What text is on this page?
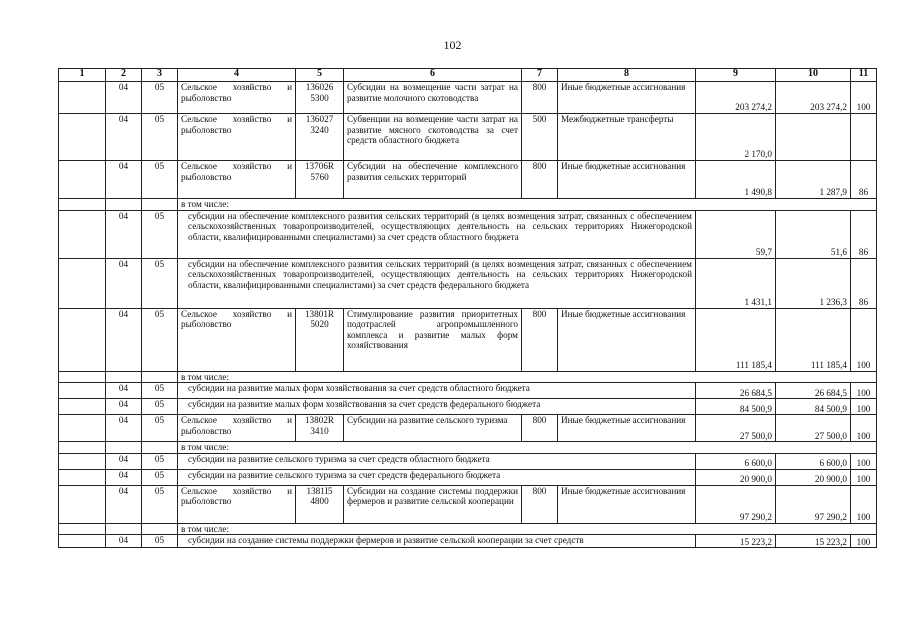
102
1	2	3	4	5	6	7	8	9	10	11
	04	05	Сельское хозяйство и рыболовство	136026 5300	Субсидии на возмещение части затрат на развитие молочного скотоводства	800	Иные бюджетные ассигнования	203 274,2	203 274,2	100
	04	05	Сельское хозяйство и рыболовство	136027 3240	Субвенции на возмещение части затрат на развитие мясного скотоводства за счет средств областного бюджета	500	Межбюджетные трансферты	2 170,0		
	04	05	Сельское хозяйство и рыболовство	13706R 5760	Субсидии на обеспечение комплексного развития сельских территорий	800	Иные бюджетные ассигнования	1 490,8	1 287,9	86
			в том числе:							
	04	05	субсидии на обеспечение комплексного развития сельских территорий (в целях возмещения затрат, связанных с обеспечением сельскохозяйственных товаропроизводителей, осуществляющих деятельность на сельских территориях Нижегородской области, квалифицированными специалистами) за счет средств областного бюджета					59,7	51,6	86
	04	05	субсидии на обеспечение комплексного развития сельских территорий (в целях возмещения затрат, связанных с обеспечением сельскохозяйственных товаропроизводителей, осуществляющих деятельность на сельских территориях Нижегородской области, квалифицированными специалистами) за счет средств федерального бюджета					1 431,1	1 236,3	86
	04	05	Сельское хозяйство и рыболовство	13801R 5020	Стимулирование развития приоритетных подотраслей агропромышленного комплекса и развитие малых форм хозяйствования	800	Иные бюджетные ассигнования	111 185,4	111 185,4	100
			в том числе:							
	04	05	субсидии на развитие малых форм хозяйствования за счет средств областного бюджета					26 684,5	26 684,5	100
	04	05	субсидии на развитие малых форм хозяйствования за счет средств федерального бюджета					84 500,9	84 500,9	100
	04	05	Сельское хозяйство и рыболовство	13802R 3410	Субсидии на развитие сельского туризма	800	Иные бюджетные ассигнования	27 500,0	27 500,0	100
			в том числе:							
	04	05	субсидии на развитие сельского туризма за счет средств областного бюджета					6 600,0	6 600,0	100
	04	05	субсидии на развитие сельского туризма за счет средств федерального бюджета					20 900,0	20 900,0	100
	04	05	Сельское хозяйство и рыболовство	1381I5 4800	Субсидии на создание системы поддержки фермеров и развитие сельской кооперации	800	Иные бюджетные ассигнования	97 290,2	97 290,2	100
			в том числе:							
	04	05	субсидии на создание системы поддержки фермеров и развитие сельской кооперации за счет средств					15 223,2	15 223,2	100
